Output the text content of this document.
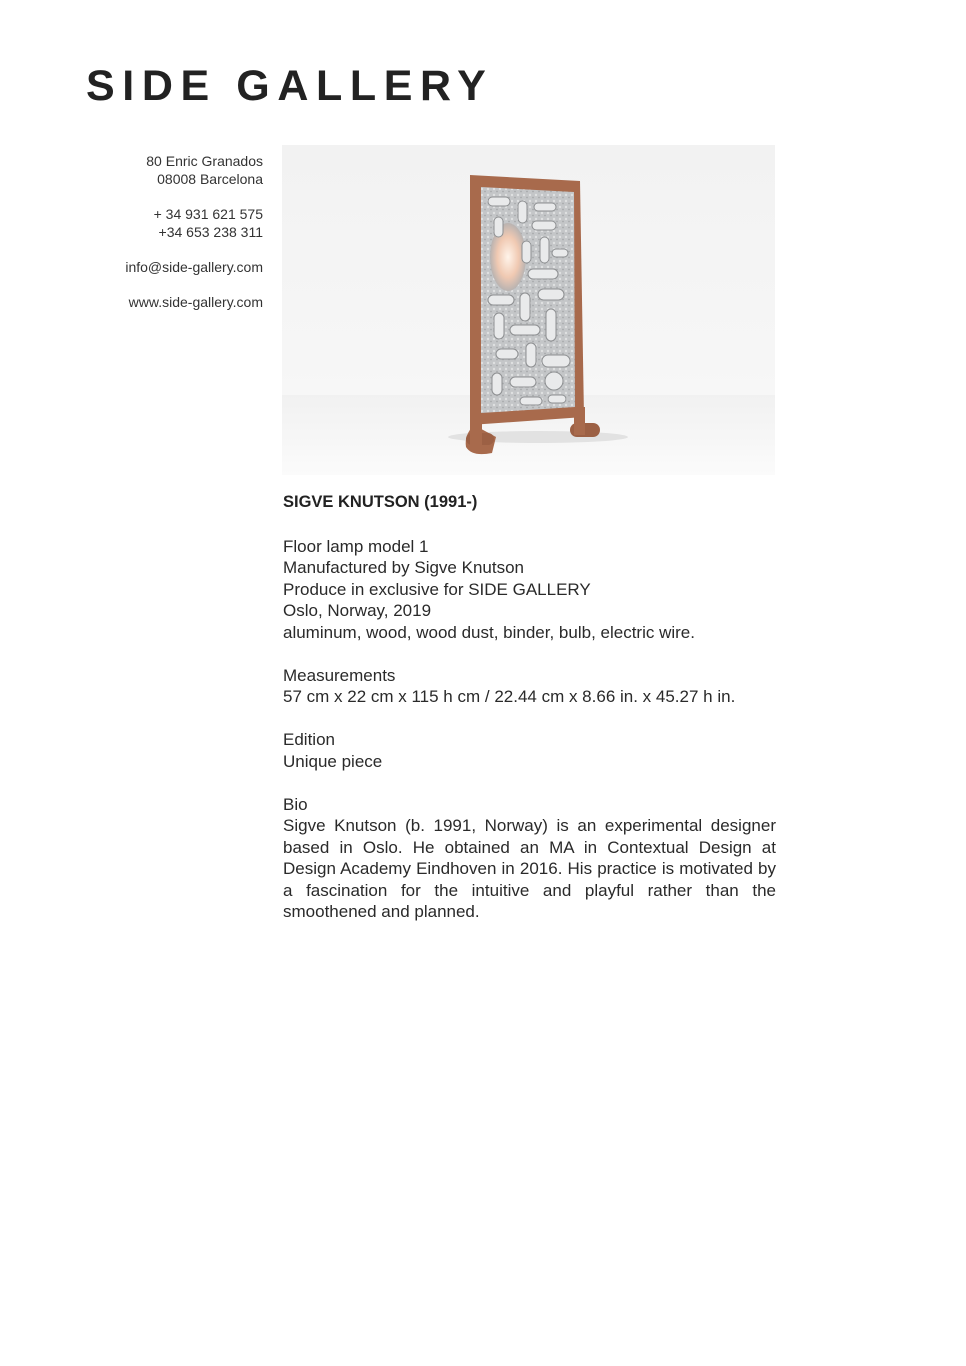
SIDE GALLERY
80 Enric Granados
08008 Barcelona
+ 34 931 621 575
+34 653 238 311
info@side-gallery.com
www.side-gallery.com
SIGVE KNUTSON (1991-)
Floor lamp model 1
Manufactured by Sigve Knutson
Produce in exclusive for SIDE GALLERY
Oslo, Norway, 2019
aluminum, wood, wood dust, binder, bulb, electric wire.
Measurements
57 cm x 22 cm x 115 h cm / 22.44 cm x 8.66 in. x 45.27 h in.
Edition
Unique piece
Bio
Sigve Knutson (b. 1991, Norway) is an experimental designer based in Oslo. He obtained an MA in Contextual Design at Design Academy Eindhoven in 2016. His practice is motivated by a fascination for the intuitive and playful rather than the smoothened and planned.
